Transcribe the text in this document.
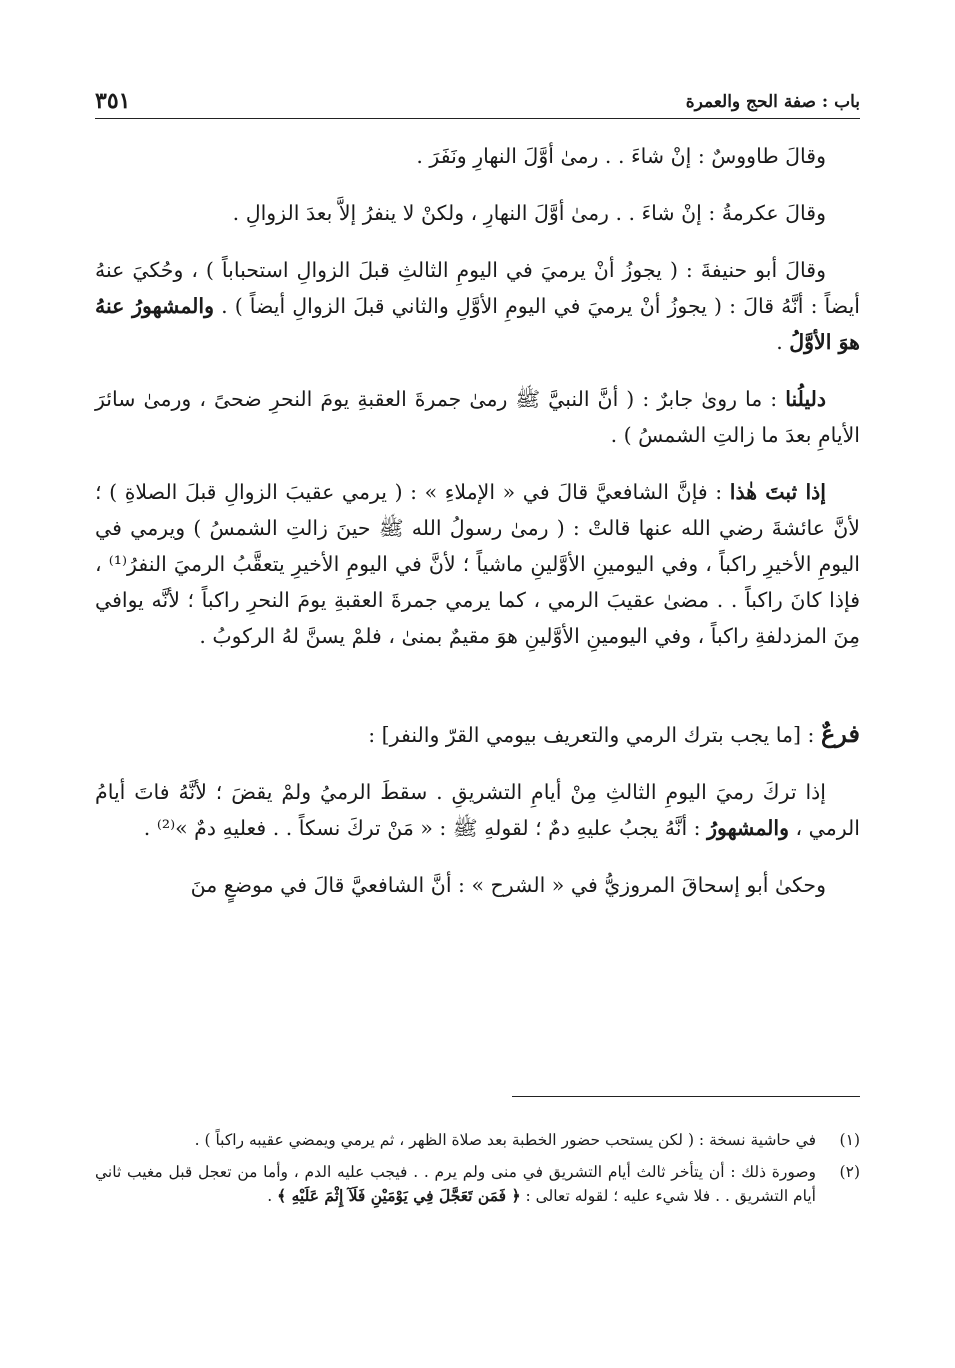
باب : صفة الحج والعمرة
٣٥١

وقالَ طاووسٌ : إنْ شاءَ . . رمىٰ أوَّلَ النهارِ ونَفَرَ .

وقالَ عكرمةُ : إنْ شاءَ . . رمىٰ أوَّلَ النهارِ ، ولكنْ لا ينفرُ إلاَّ بعدَ الزوالِ .

وقالَ أبو حنيفةَ : ( يجوزُ أنْ يرميَ في اليومِ الثالثِ قبلَ الزوالِ استحباباً ) ، وحُكيَ عنهُ أيضاً : أنَّهُ قالَ : ( يجوزُ أنْ يرميَ في اليومِ الأوَّلِ والثاني قبلَ الزوالِ أيضاً ) . والمشهورُ عنهُ هوَ الأوَّلُ .

دليلُنا : ما روىٰ جابرٌ : ( أنَّ النبيَّ ﷺ رمىٰ جمرةَ العقبةِ يومَ النحرِ ضحىً ، ورمىٰ سائرَ الأيامِ بعدَ ما زالتِ الشمسُ ) .

إذا ثبتَ هٰذا : فإنَّ الشافعيَّ قالَ في « الإملاءِ » : ( يرمي عقيبَ الزوالِ قبلَ الصلاةِ ) ؛ لأنَّ عائشةَ رضي الله عنها قالتْ : ( رمىٰ رسولُ الله ﷺ حينَ زالتِ الشمسُ ) ويرمي في اليومِ الأخيرِ راكباً ، وفي اليومينِ الأوَّلينِ ماشياً ؛ لأنَّ في اليومِ الأخيرِ يتعقَّبُ الرميَ النفرُ⁽¹⁾ ، فإذا كانَ راكباً . . مضىٰ عقيبَ الرمي ، كما يرمي جمرةَ العقبةِ يومَ النحرِ راكباً ؛ لأنَّه يوافي مِنَ المزدلفةِ راكباً ، وفي اليومينِ الأوَّلينِ هوَ مقيمٌ بمنىٰ ، فلمْ يسنَّ لهُ الركوبُ .

فرعٌ : [ما يجب بترك الرمي والتعريف بيومي القرّ والنفر] :

إذا تركَ رميَ اليومِ الثالثِ مِنْ أيامِ التشريقِ . سقطَ الرميُ ولمْ يقضَ ؛ لأنَّهُ فاتَ أيامُ الرمي ، والمشهورُ : أنَّهُ يجبُ عليهِ دمٌ ؛ لقولهِ ﷺ : « مَنْ تركَ نسكاً . . فعليهِ دمٌ »⁽²⁾ .

وحكىٰ أبو إسحاقَ المروزيُّ في « الشرح » : أنَّ الشافعيَّ قالَ في موضعٍ منَ

(١)
في حاشية نسخة : ( لكن يستحب حضور الخطبة بعد صلاة الظهر ، ثم يرمي ويمضي عقيبه راكباً ) .
(٢)
وصورة ذلك : أن يتأخر ثالث أيام التشريق في منى ولم يرم . . فيجب عليه الدم ، وأما من تعجل قبل مغيب ثاني أيام التشريق . . فلا شيء عليه ؛ لقوله تعالى : ﴿ فَمَن تَعَجَّلَ فِي يَوْمَيْنِ فَلَآ إِثْمَ عَلَيْهِ ﴾ .
